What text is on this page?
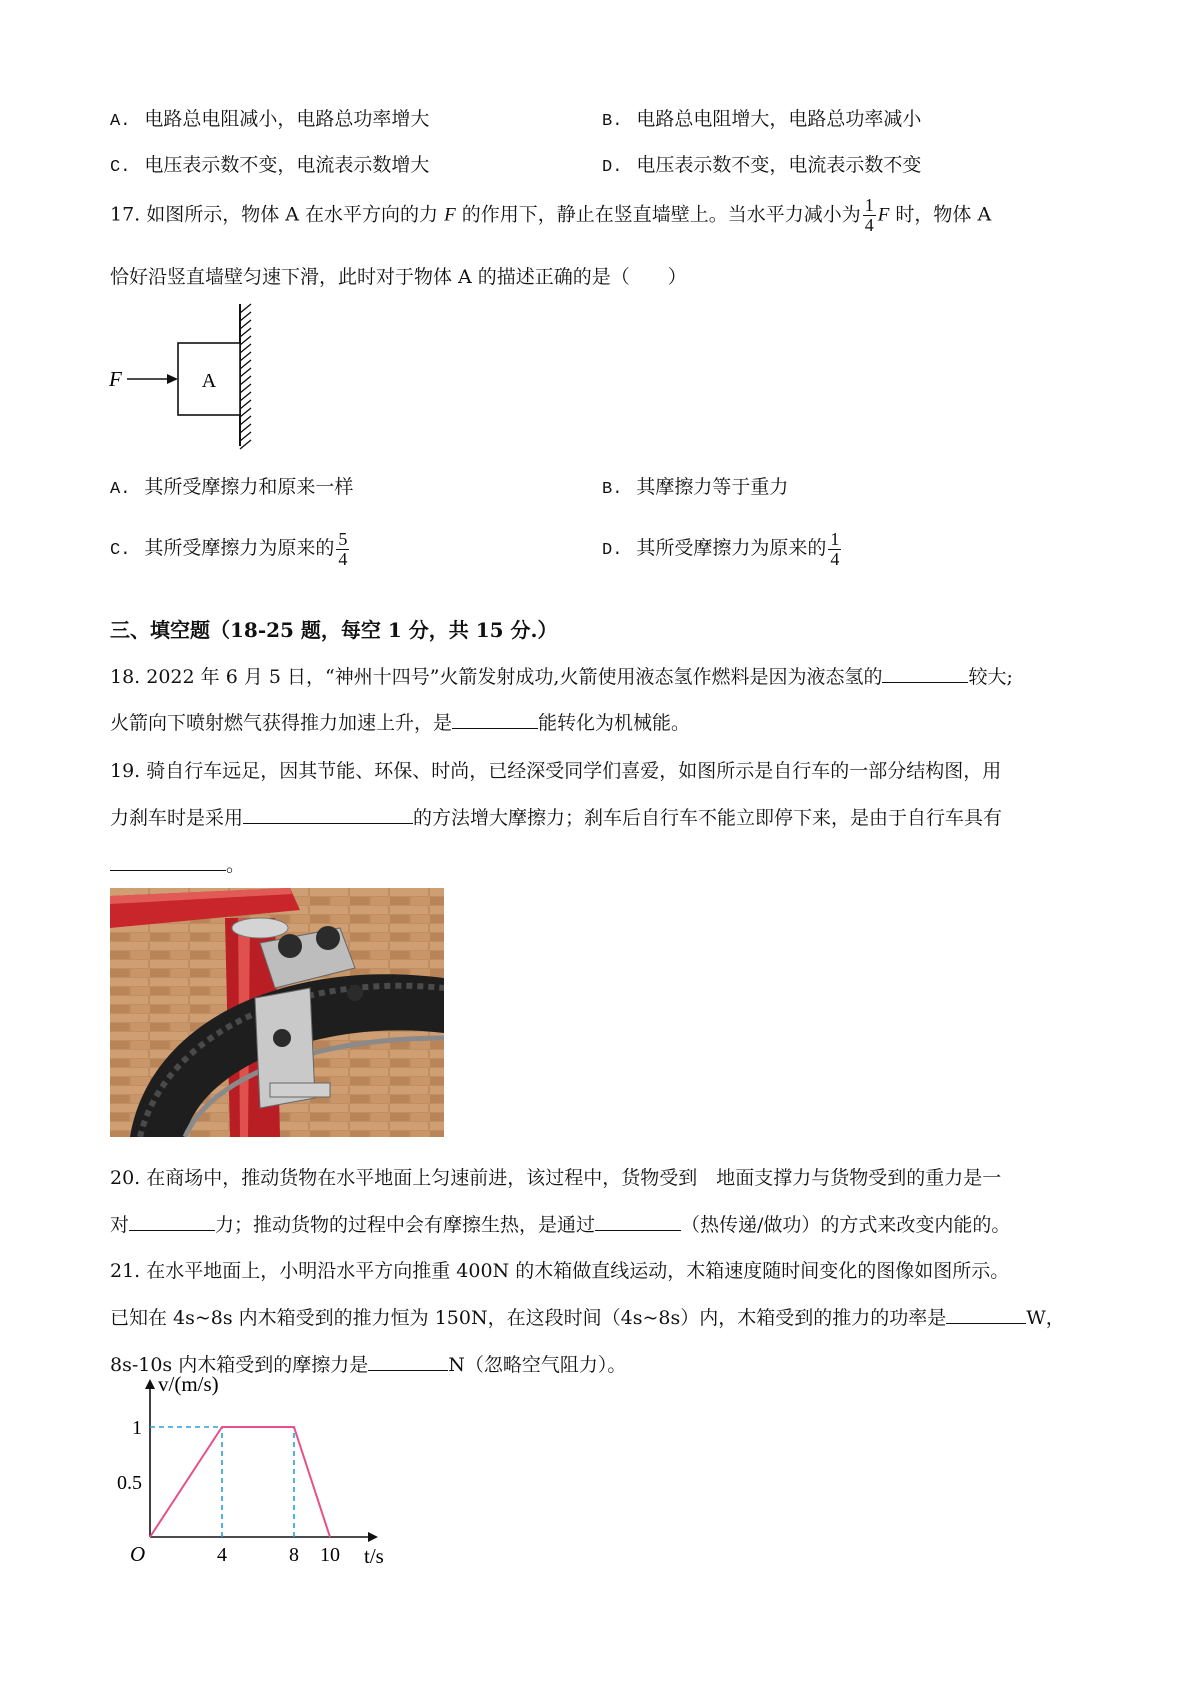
A. 电路总电阻减小，电路总功率增大	B. 电路总电阻增大，电路总功率减小
C. 电压表示数不变，电流表示数增大	D. 电压表示数不变，电流表示数不变
17. 如图所示，物体 A 在水平方向的力 F 的作用下，静止在竖直墙壁上。当水平力减小为 $\frac{1}{4}$ F 时，物体 A
恰好沿竖直墙壁匀速下滑，此时对于物体 A 的描述正确的是（　　）
A
F
A. 其所受摩擦力和原来一样	B. 其摩擦力等于重力
C. 其所受摩擦力为原来的 $\frac{5}{4}$	D. 其所受摩擦力为原来的 $\frac{1}{4}$
三、填空题（18-25 题，每空 1 分，共 15 分.）
18. 2022 年 6 月 5 日，“神州十四号”火箭发射成功,火箭使用液态氢作燃料是因为液态氢的	较大;
火箭向下喷射燃气获得推力加速上升，是	能转化为机械能。
19. 骑自行车远足，因其节能、环保、时尚，已经深受同学们喜爱，如图所示是自行车的一部分结构图，用
力刹车时是采用	的方法增大摩擦力；刹车后自行车不能立即停下来，是由于自行车具有
。
20. 在商场中，推动货物在水平地面上匀速前进，该过程中，货物受到　地面支撑力与货物受到的重力是一
对	力；推动货物的过程中会有摩擦生热，是通过	（热传递/做功）的方式来改变内能的。
21. 在水平地面上，小明沿水平方向推重 400N 的木箱做直线运动，木箱速度随时间变化的图像如图所示。
已知在 4s~8s 内木箱受到的推力恒为 150N，在这段时间（4s~8s）内，木箱受到的推力的功率是	W，
8s-10s 内木箱受到的摩擦力是	N（忽略空气阻力）。
4	8 10
0.5
1
O	t/s
v/(m/s)
